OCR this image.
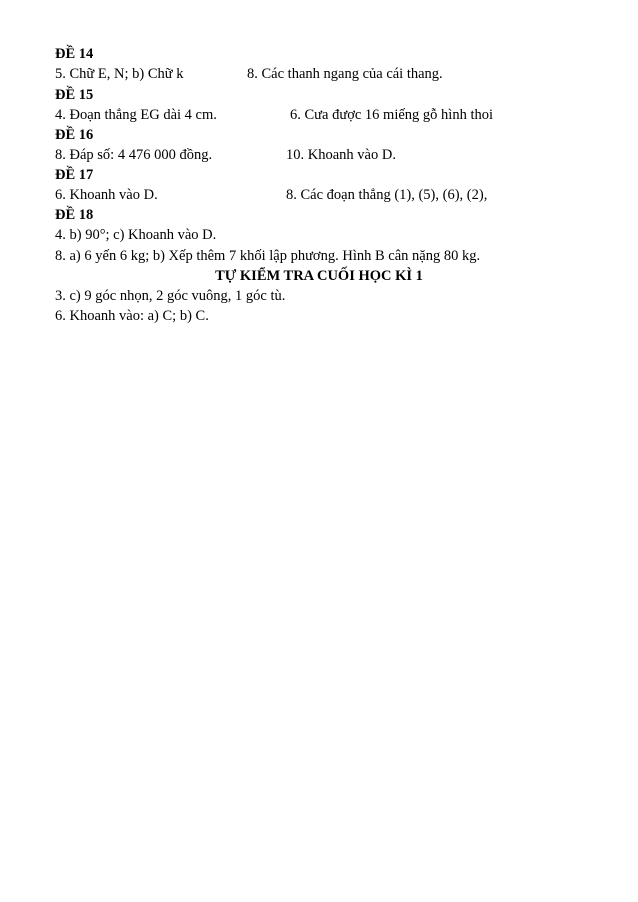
ĐỀ 14
5. Chữ E, N; b) Chữ k	8. Các thanh ngang của cái thang.
ĐỀ 15
4. Đoạn thẳng EG dài 4 cm.	6. Cưa được 16 miếng gỗ hình thoi
ĐỀ 16
8. Đáp số: 4 476 000 đồng.	10. Khoanh vào D.
ĐỀ 17
6. Khoanh vào D.	8. Các đoạn thẳng (1), (5), (6), (2),
ĐỀ 18
4. b) 90°; c) Khoanh vào D.
8. a) 6 yến 6 kg; b) Xếp thêm 7 khối lập phương. Hình B cân nặng 80 kg.
TỰ KIỂM TRA CUỐI HỌC KÌ 1
3. c) 9 góc nhọn, 2 góc vuông, 1 góc tù.
6. Khoanh vào: a) C; b) C.
